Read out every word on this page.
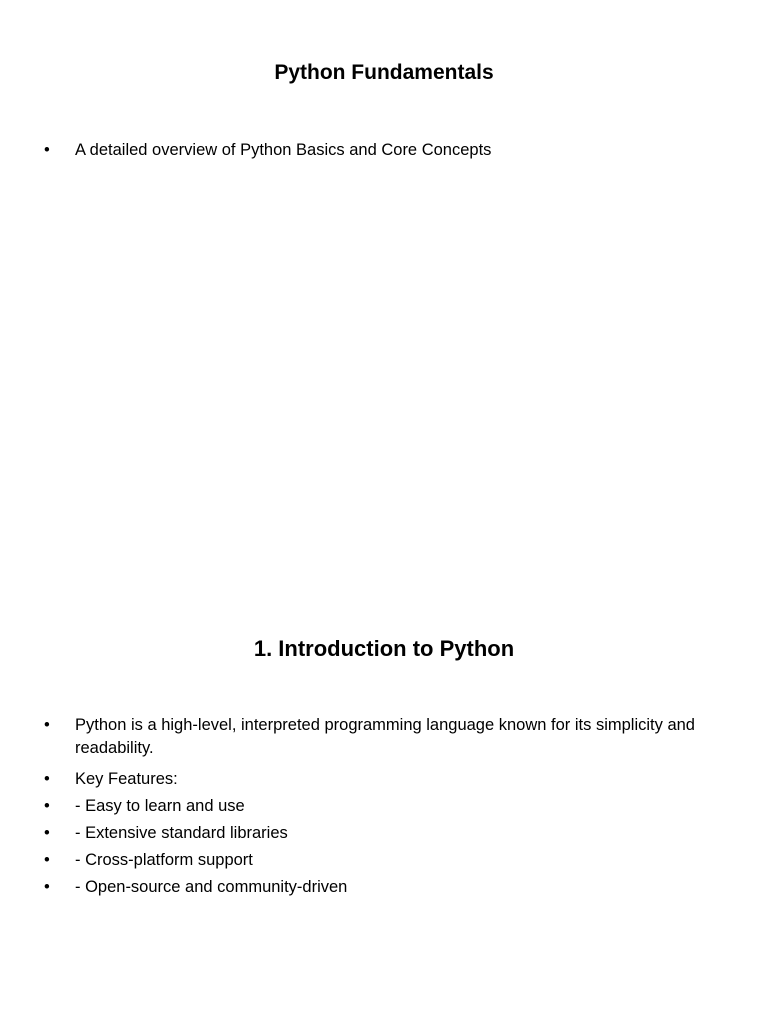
Python Fundamentals
• A detailed overview of Python Basics and Core Concepts
1. Introduction to Python
• Python is a high-level, interpreted programming language known for its simplicity and readability.
• Key Features:
• - Easy to learn and use
• - Extensive standard libraries
• - Cross-platform support
• - Open-source and community-driven
